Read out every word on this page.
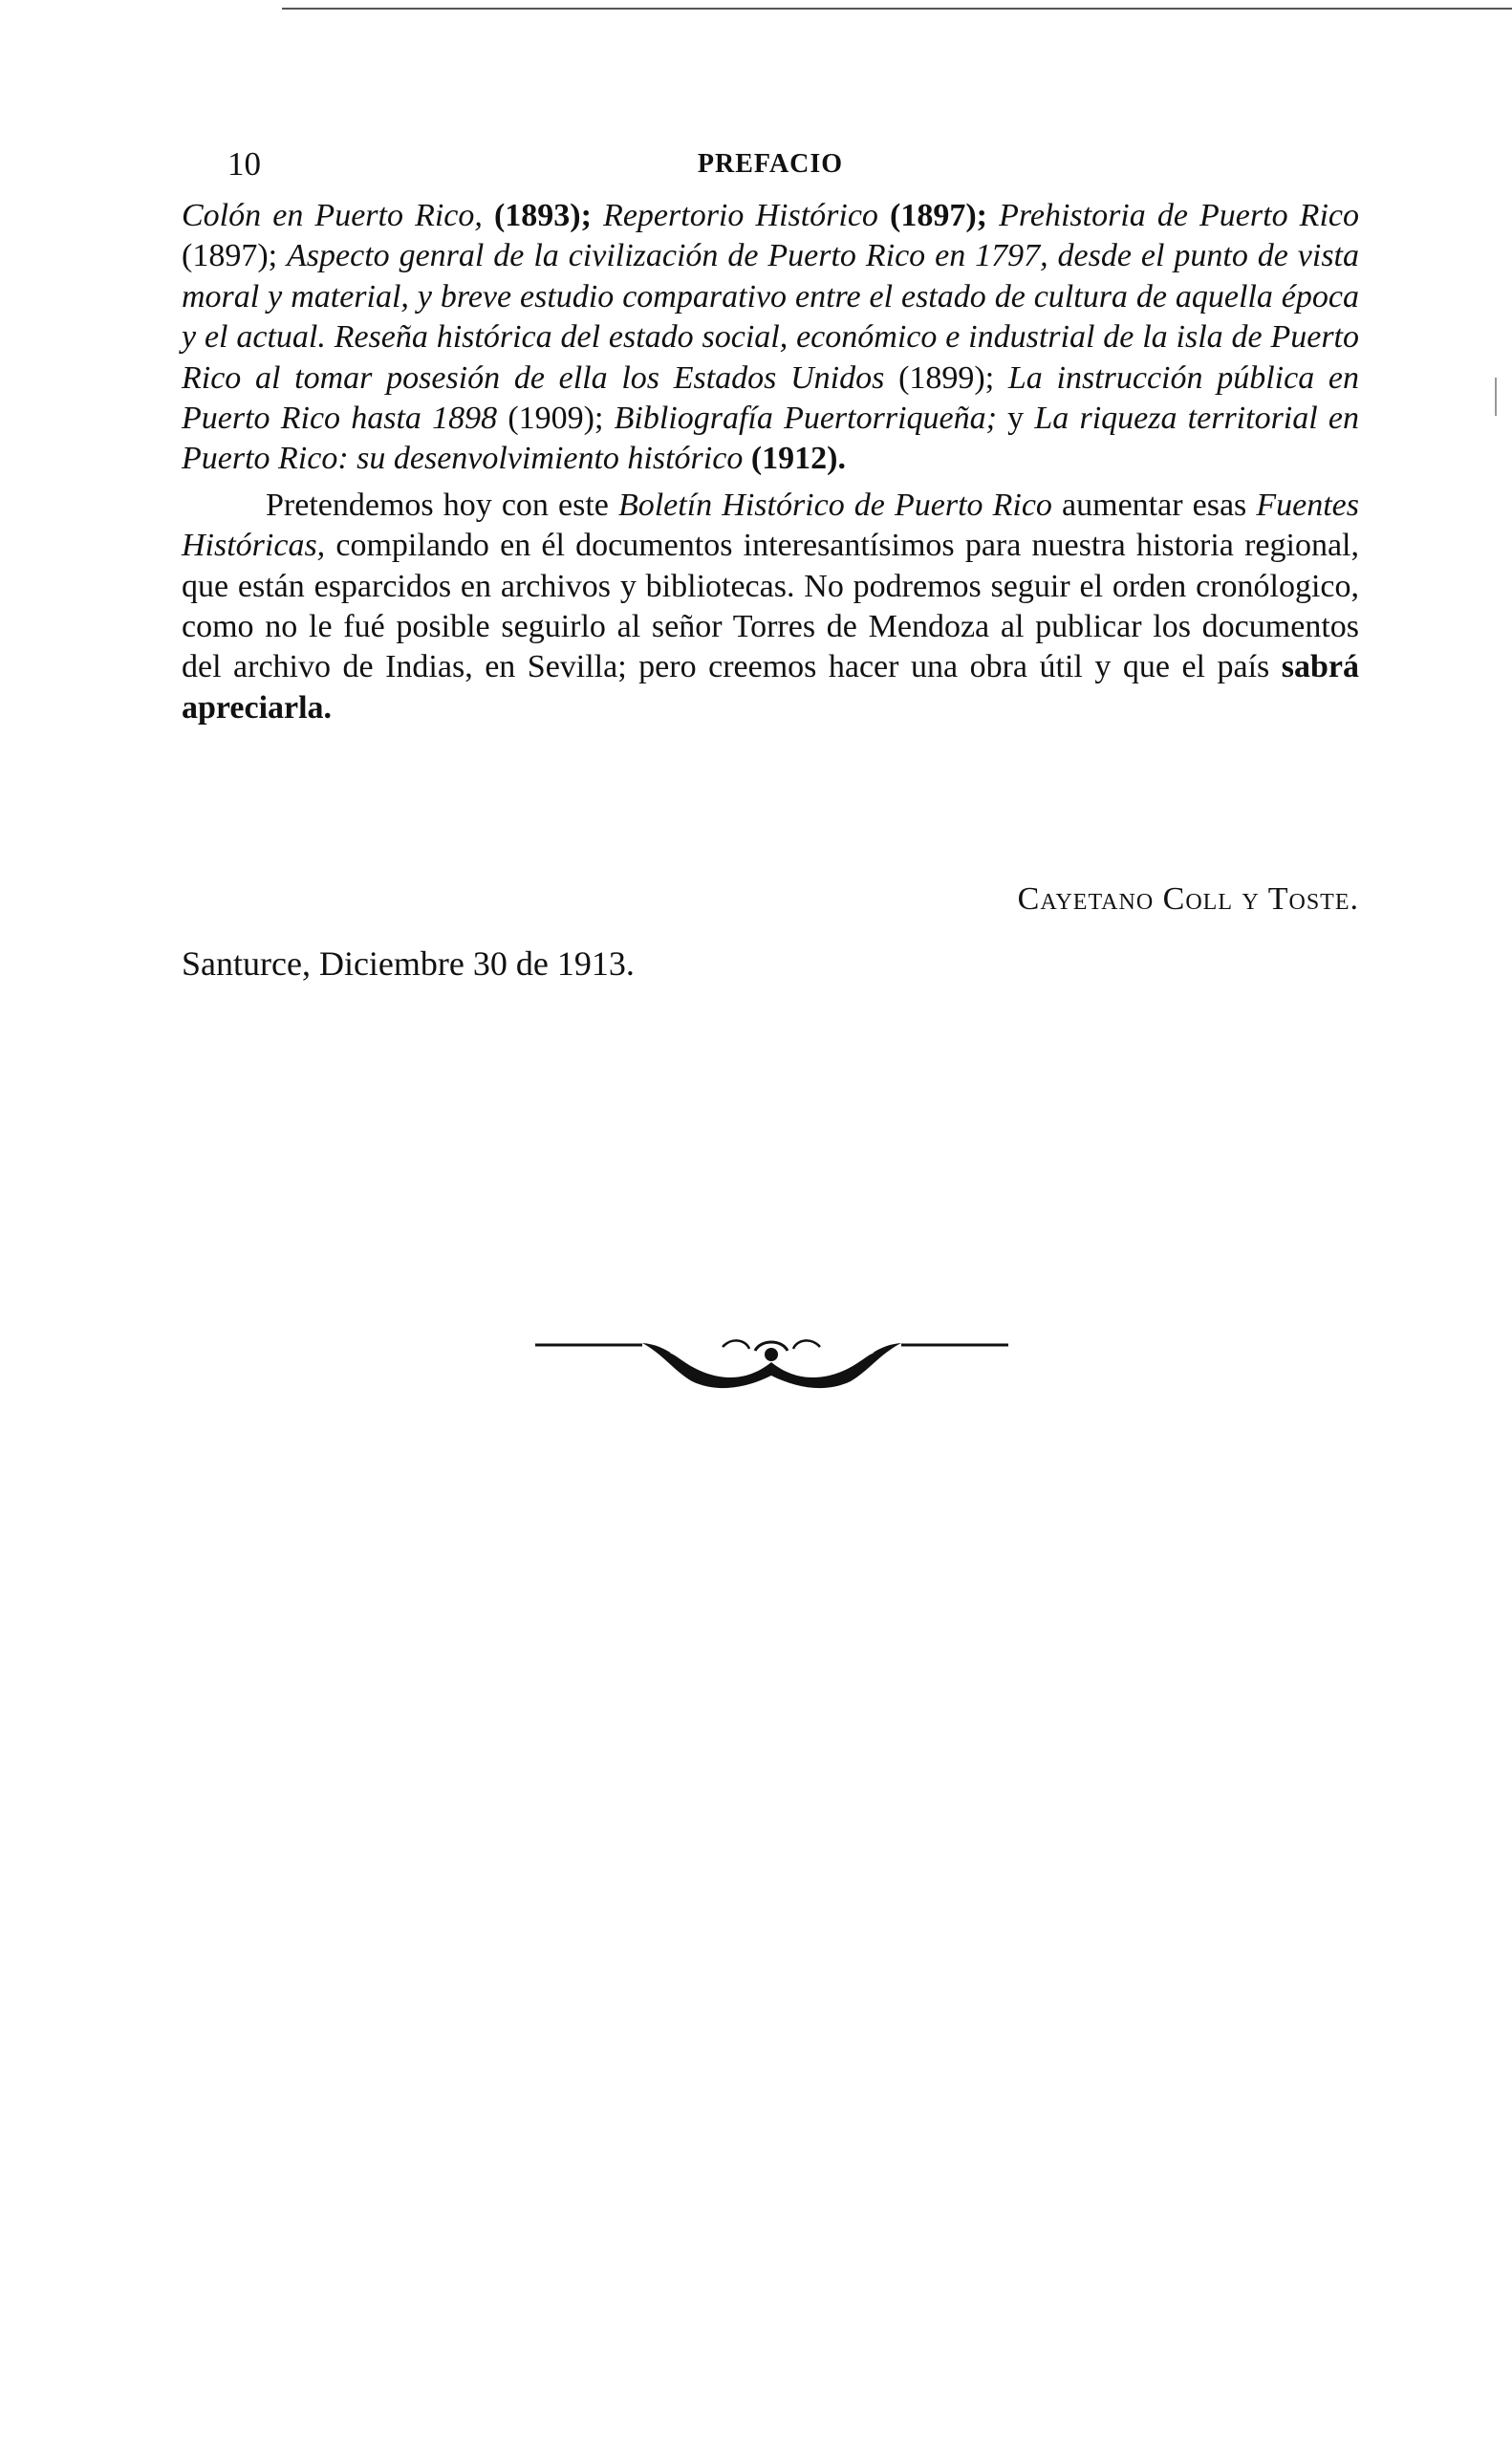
10	PREFACIO

Colón en Puerto Rico, (1893); Repertorio Histórico (1897); Prehistoria de Puerto Rico (1897); Aspecto genral de la civilización de Puerto Rico en 1797, desde el punto de vista moral y material, y breve estudio comparativo entre el estado de cultura de aquella época y el actual. Reseña histórica del estado social, económico e industrial de la isla de Puerto Rico al tomar posesión de ella los Estados Unidos (1899); La instrucción pública en Puerto Rico hasta 1898 (1909); Bibliografía Puertorriqueña; y La riqueza territorial en Puerto Rico: su desenvolvimiento histórico (1912).

Pretendemos hoy con este Boletín Histórico de Puerto Rico aumentar esas Fuentes Históricas, compilando en él documentos interesantísimos para nuestra historia regional, que están esparcidos en archivos y bibliotecas. No podremos seguir el orden cronólogico, como no le fué posible seguirlo al señor Torres de Mendoza al publicar los documentos del archivo de Indias, en Sevilla; pero creemos hacer una obra útil y que el país sabrá apreciarla.

Cayetano Coll y Toste.
Santurce, Diciembre 30 de 1913.
